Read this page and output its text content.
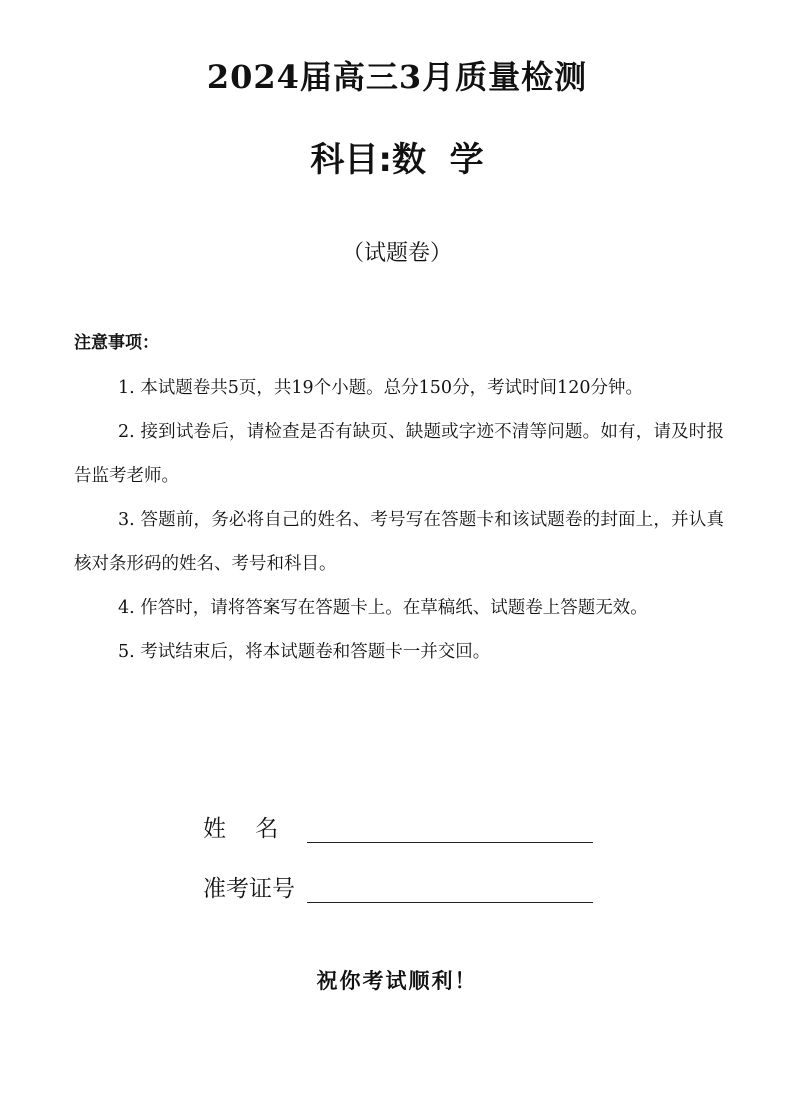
2024届高三3月质量检测
科目:数  学
（试题卷）
注意事项：
1. 本试题卷共5页，共19个小题。总分150分，考试时间120分钟。
2. 接到试卷后，请检查是否有缺页、缺题或字迹不清等问题。如有，请及时报告监考老师。
3. 答题前，务必将自己的姓名、考号写在答题卡和该试题卷的封面上，并认真核对条形码的姓名、考号和科目。
4. 作答时，请将答案写在答题卡上。在草稿纸、试题卷上答题无效。
5. 考试结束后，将本试题卷和答题卡一并交回。
姓    名
准考证号
祝你考试顺利！
